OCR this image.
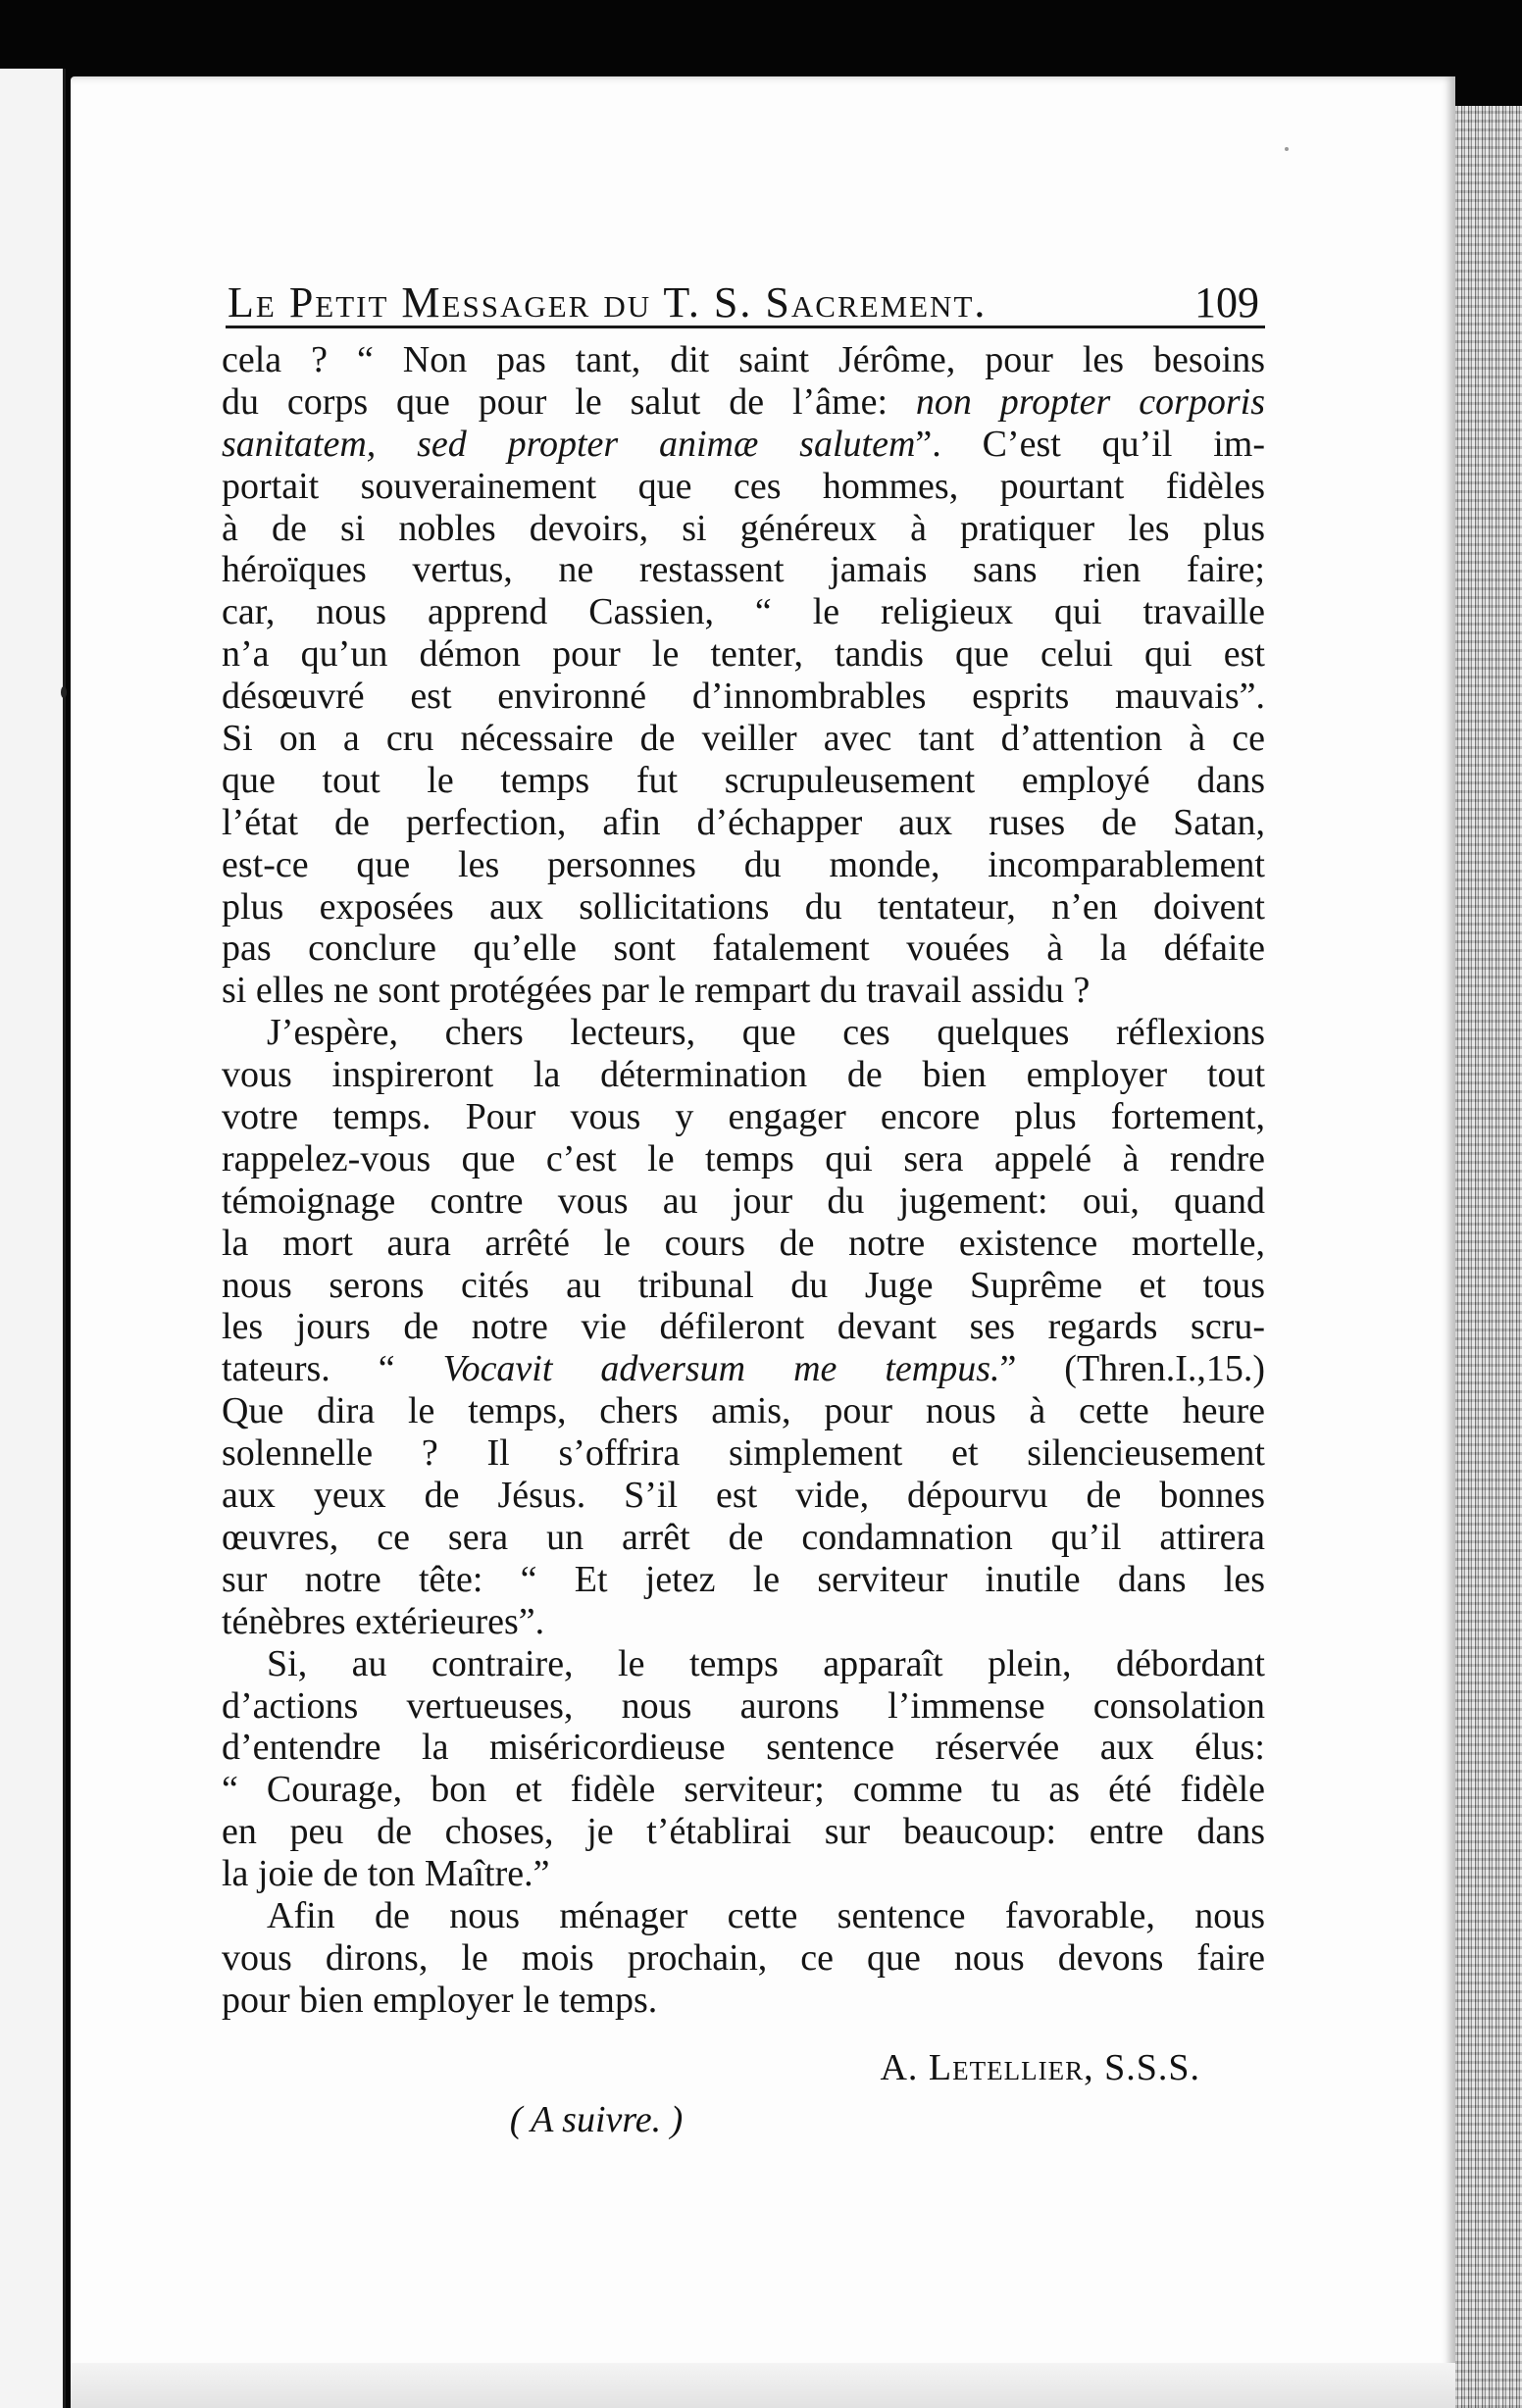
Le Petit Messager du T. S. Sacrement.	109
cela ? “ Non pas tant, dit saint Jérôme, pour les besoins
du corps que pour le salut de l’âme: non propter corporis
sanitatem, sed propter animæ salutem”. C’est qu’il im-
portait souverainement que ces hommes, pourtant fidèles
à de si nobles devoirs, si généreux à pratiquer les plus
héroïques vertus, ne restassent jamais sans rien faire;
car, nous apprend Cassien, “ le religieux qui travaille
n’a qu’un démon pour le tenter, tandis que celui qui est
désœuvré est environné d’innombrables esprits mauvais”.
Si on a cru nécessaire de veiller avec tant d’attention à ce
que tout le temps fut scrupuleusement employé dans
l’état de perfection, afin d’échapper aux ruses de Satan,
est-ce que les personnes du monde, incomparablement
plus exposées aux sollicitations du tentateur, n’en doivent
pas conclure qu’elle sont fatalement vouées à la défaite
si elles ne sont protégées par le rempart du travail assidu ?
J’espère, chers lecteurs, que ces quelques réflexions
vous inspireront la détermination de bien employer tout
votre temps. Pour vous y engager encore plus fortement,
rappelez-vous que c’est le temps qui sera appelé à rendre
témoignage contre vous au jour du jugement: oui, quand
la mort aura arrêté le cours de notre existence mortelle,
nous serons cités au tribunal du Juge Suprême et tous
les jours de notre vie défileront devant ses regards scru-
tateurs. “ Vocavit adversum me tempus.” (Thren.I.,15.)
Que dira le temps, chers amis, pour nous à cette heure
solennelle ? Il s’offrira simplement et silencieusement
aux yeux de Jésus. S’il est vide, dépourvu de bonnes
œuvres, ce sera un arrêt de condamnation qu’il attirera
sur notre tête: “ Et jetez le serviteur inutile dans les
ténèbres extérieures”.
Si, au contraire, le temps apparaît plein, débordant
d’actions vertueuses, nous aurons l’immense consolation
d’entendre la miséricordieuse sentence réservée aux élus:
“ Courage, bon et fidèle serviteur; comme tu as été fidèle
en peu de choses, je t’établirai sur beaucoup: entre dans
la joie de ton Maître.”
Afin de nous ménager cette sentence favorable, nous
vous dirons, le mois prochain, ce que nous devons faire
pour bien employer le temps.
A. Letellier, S.S.S.
( A suivre. )
